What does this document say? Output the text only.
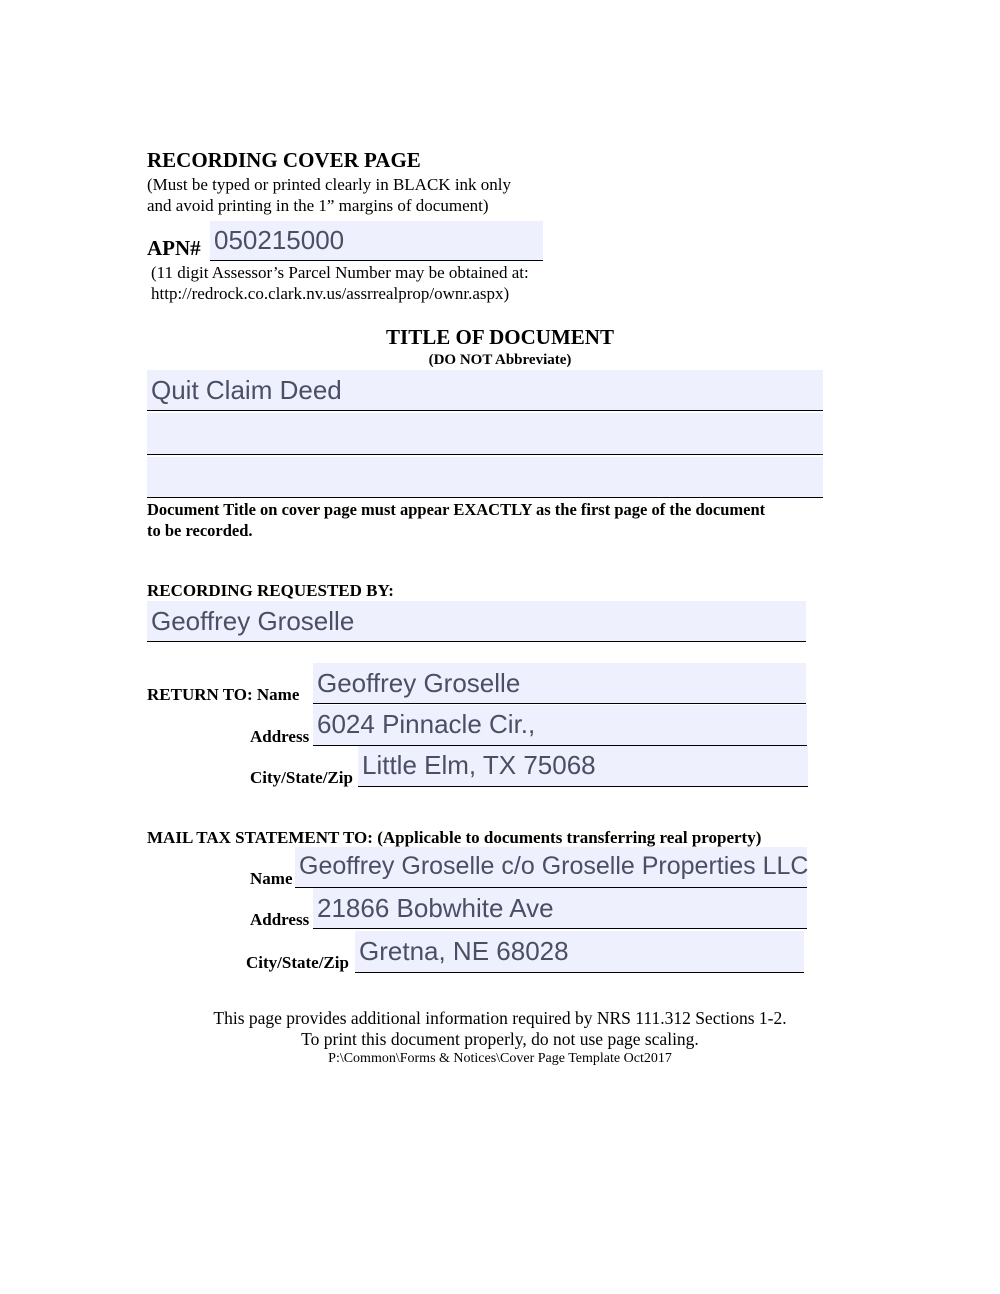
RECORDING COVER PAGE
(Must be typed or printed clearly in BLACK ink only
and avoid printing in the 1” margins of document)
APN# 050215000
(11 digit Assessor’s Parcel Number may be obtained at:
http://redrock.co.clark.nv.us/assrrealprop/ownr.aspx)
TITLE OF DOCUMENT
(DO NOT Abbreviate)
Quit Claim Deed
Document Title on cover page must appear EXACTLY as the first page of the document
to be recorded.
RECORDING REQUESTED BY:
Geoffrey Groselle
RETURN TO: Name Geoffrey Groselle
Address 6024 Pinnacle Cir.,
City/State/Zip Little Elm, TX 75068
MAIL TAX STATEMENT TO: (Applicable to documents transferring real property)
Name Geoffrey Groselle c/o Groselle Properties LLC
Address 21866 Bobwhite Ave
City/State/Zip Gretna, NE 68028
This page provides additional information required by NRS 111.312 Sections 1-2.
To print this document properly, do not use page scaling.
P:\Common\Forms & Notices\Cover Page Template Oct2017
